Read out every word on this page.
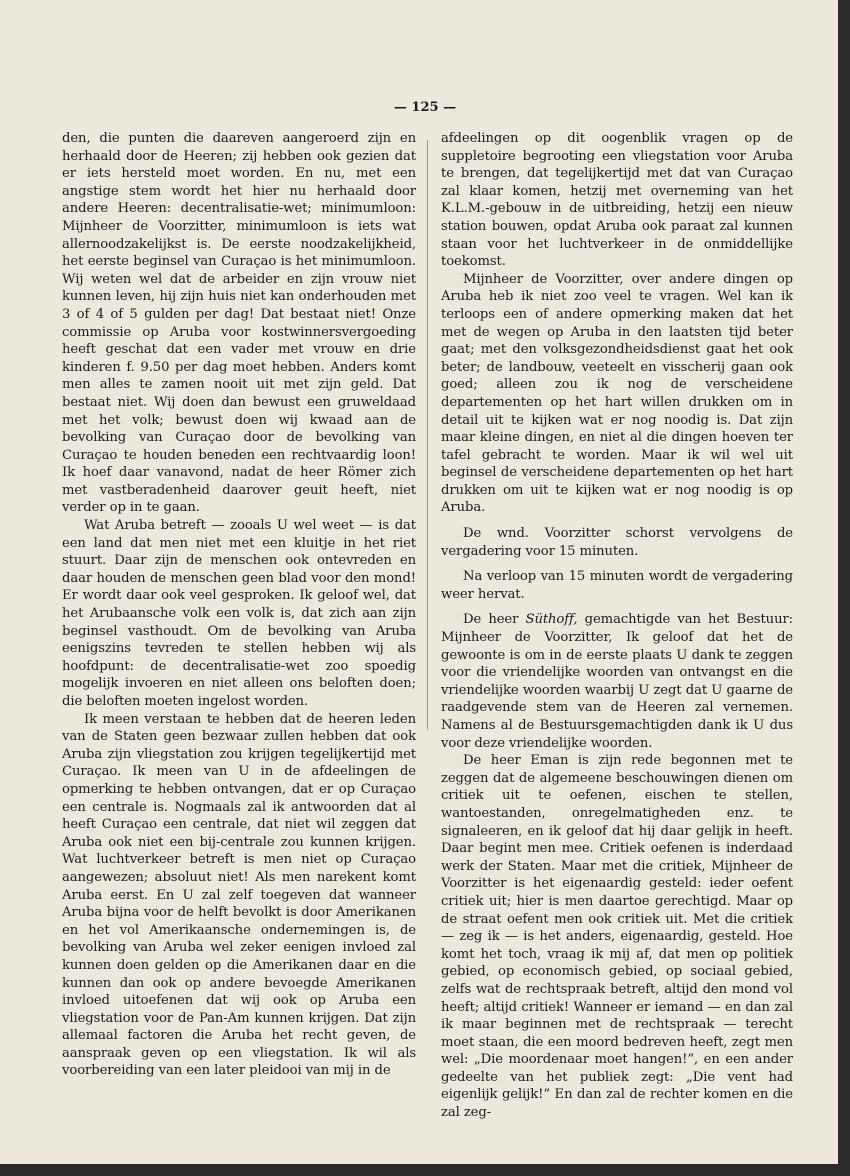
— 125 —

den, die punten die daareven aangeroerd zijn en herhaald door de Heeren; zij hebben ook gezien dat er iets hersteld moet worden. En nu, met een angstige stem wordt het hier nu herhaald door andere Heeren: decentralisatie-wet; minimumloon: Mijnheer de Voorzitter, minimumloon is iets wat allernoodzakelijkst is. De eerste noodzakelijkheid, het eerste beginsel van Curaçao is het minimumloon. Wij weten wel dat de arbeider en zijn vrouw niet kunnen leven, hij zijn huis niet kan onderhouden met 3 of 4 of 5 gulden per dag! Dat bestaat niet! Onze commissie op Aruba voor kostwinnersvergoeding heeft geschat dat een vader met vrouw en drie kinderen f. 9.50 per dag moet hebben. Anders komt men alles te zamen nooit uit met zijn geld. Dat bestaat niet. Wij doen dan bewust een gruweldaad met het volk; bewust doen wij kwaad aan de bevolking van Curaçao door de bevolking van Curaçao te houden beneden een rechtvaardig loon! Ik hoef daar vanavond, nadat de heer Römer zich met vastberadenheid daarover geuit heeft, niet verder op in te gaan.

Wat Aruba betreft — zooals U wel weet — is dat een land dat men niet met een kluitje in het riet stuurt. Daar zijn de menschen ook ontevreden en daar houden de menschen geen blad voor den mond! Er wordt daar ook veel gesproken. Ik geloof wel, dat het Arubaansche volk een volk is, dat zich aan zijn beginsel vasthoudt. Om de bevolking van Aruba eenigszins tevreden te stellen hebben wij als hoofdpunt: de decentralisatie-wet zoo spoedig mogelijk invoeren en niet alleen ons beloften doen; die beloften moeten ingelost worden.

Ik meen verstaan te hebben dat de heeren leden van de Staten geen bezwaar zullen hebben dat ook Aruba zijn vliegstation zou krijgen tegelijkertijd met Curaçao. Ik meen van U in de afdeelingen de opmerking te hebben ontvangen, dat er op Curaçao een centrale is. Nogmaals zal ik antwoorden dat al heeft Curaçao een centrale, dat niet wil zeggen dat Aruba ook niet een bij-centrale zou kunnen krijgen. Wat luchtverkeer betreft is men niet op Curaçao aangewezen; absoluut niet! Als men narekent komt Aruba eerst. En U zal zelf toegeven dat wanneer Aruba bijna voor de helft bevolkt is door Amerikanen en het vol Amerikaansche ondernemingen is, de bevolking van Aruba wel zeker eenigen invloed zal kunnen doen gelden op die Amerikanen daar en die kunnen dan ook op andere bevoegde Amerikanen invloed uitoefenen dat wij ook op Aruba een vliegstation voor de Pan-Am kunnen krijgen. Dat zijn allemaal factoren die Aruba het recht geven, de aanspraak geven op een vliegstation. Ik wil als voorbereiding van een later pleidooi van mij in de

afdeelingen op dit oogenblik vragen op de suppletoire begrooting een vliegstation voor Aruba te brengen, dat tegelijkertijd met dat van Curaçao zal klaar komen, hetzij met overneming van het K.L.M.-gebouw in de uitbreiding, hetzij een nieuw station bouwen, opdat Aruba ook paraat zal kunnen staan voor het luchtverkeer in de onmiddellijke toekomst.

Mijnheer de Voorzitter, over andere dingen op Aruba heb ik niet zoo veel te vragen. Wel kan ik terloops een of andere opmerking maken dat het met de wegen op Aruba in den laatsten tijd beter gaat; met den volksgezondheidsdienst gaat het ook beter; de landbouw, veeteelt en visscherij gaan ook goed; alleen zou ik nog de verscheidene departementen op het hart willen drukken om in detail uit te kijken wat er nog noodig is. Dat zijn maar kleine dingen, en niet al die dingen hoeven ter tafel gebracht te worden. Maar ik wil wel uit beginsel de verscheidene departementen op het hart drukken om uit te kijken wat er nog noodig is op Aruba.

De wnd. Voorzitter schorst vervolgens de vergadering voor 15 minuten.

Na verloop van 15 minuten wordt de vergadering weer hervat.

De heer Süthoff, gemachtigde van het Bestuur: Mijnheer de Voorzitter, Ik geloof dat het de gewoonte is om in de eerste plaats U dank te zeggen voor die vriendelijke woorden van ontvangst en die vriendelijke woorden waarbij U zegt dat U gaarne de raadgevende stem van de Heeren zal vernemen. Namens al de Bestuursgemachtigden dank ik U dus voor deze vriendelijke woorden.

De heer Eman is zijn rede begonnen met te zeggen dat de algemeene beschouwingen dienen om critiek uit te oefenen, eischen te stellen, wantoestanden, onregelmatigheden enz. te signaleeren, en ik geloof dat hij daar gelijk in heeft. Daar begint men mee. Critiek oefenen is inderdaad werk der Staten. Maar met die critiek, Mijnheer de Voorzitter is het eigenaardig gesteld: ieder oefent critiek uit; hier is men daartoe gerechtigd. Maar op de straat oefent men ook critiek uit. Met die critiek — zeg ik — is het anders, eigenaardig, gesteld. Hoe komt het toch, vraag ik mij af, dat men op politiek gebied, op economisch gebied, op sociaal gebied, zelfs wat de rechtspraak betreft, altijd den mond vol heeft; altijd critiek! Wanneer er iemand — en dan zal ik maar beginnen met de rechtspraak — terecht moet staan, die een moord bedreven heeft, zegt men wel: „Die moordenaar moet hangen!”, en een ander gedeelte van het publiek zegt: „Die vent had eigenlijk gelijk!” En dan zal de rechter komen en die zal zeg-
